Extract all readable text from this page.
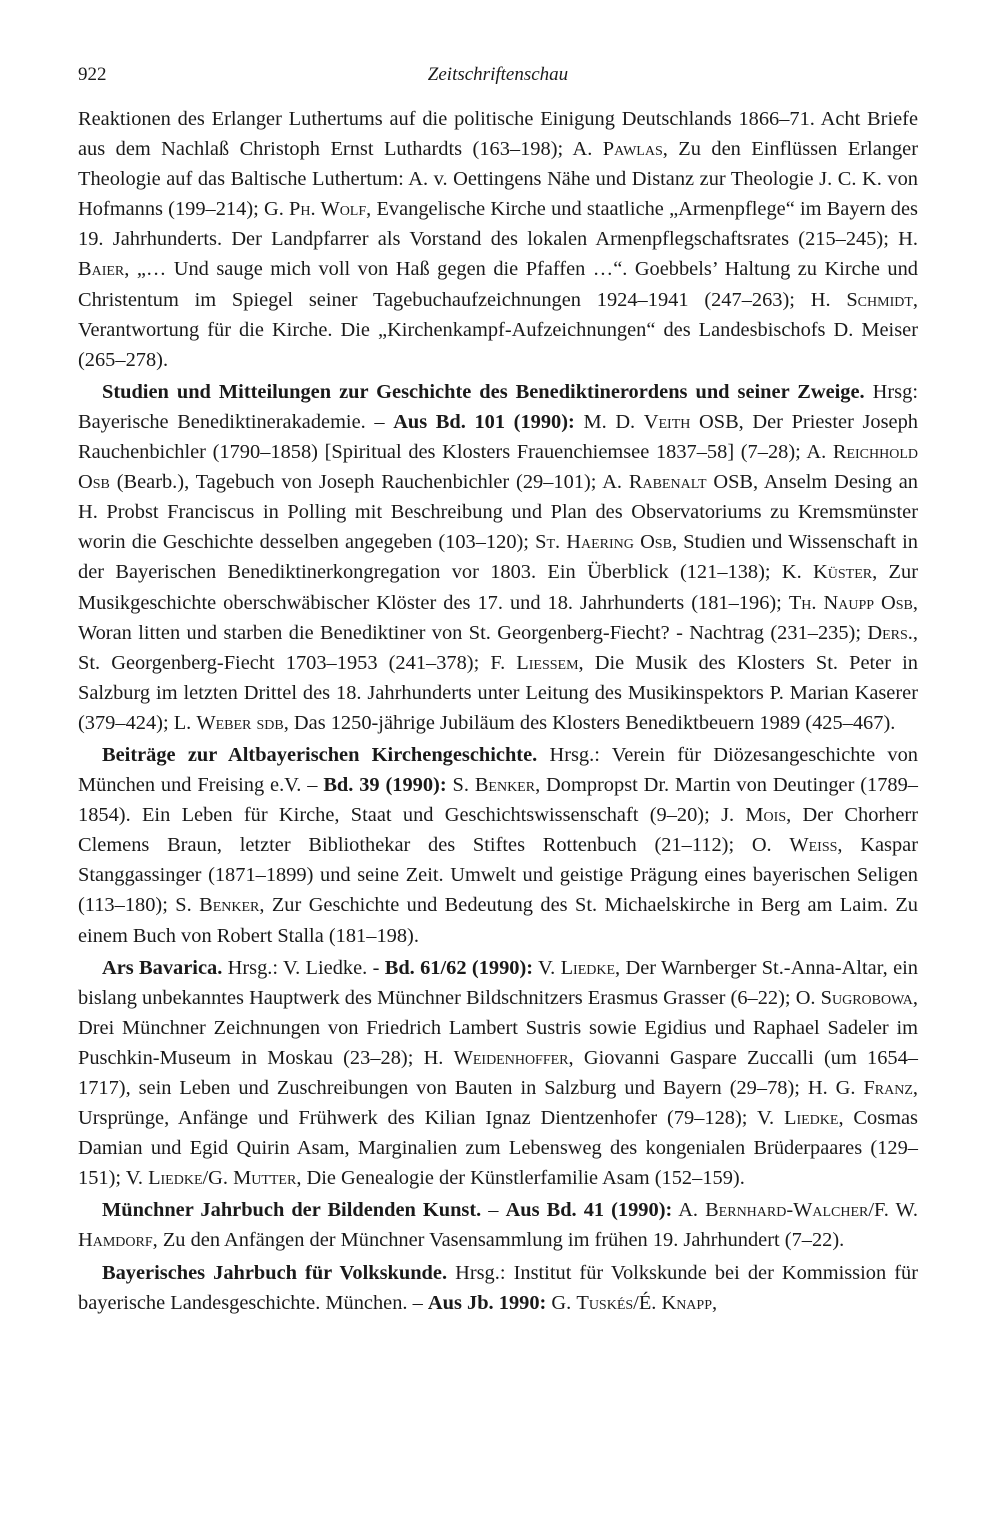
922	Zeitschriftenschau

Reaktionen des Erlanger Luthertums auf die politische Einigung Deutschlands 1866–71. Acht Briefe aus dem Nachlaß Christoph Ernst Luthardts (163–198); A. Pawlas, Zu den Einflüssen Erlanger Theologie auf das Baltische Luthertum: A. v. Oettingens Nähe und Distanz zur Theologie J. C. K. von Hofmanns (199–214); G. Ph. Wolf, Evangelische Kirche und staatliche „Armenpflege“ im Bayern des 19. Jahrhunderts. Der Landpfarrer als Vorstand des lokalen Armenpflegschaftsrates (215–245); H. Baier, „… Und sauge mich voll von Haß gegen die Pfaffen …“. Goebbels’ Haltung zu Kirche und Christentum im Spiegel seiner Tagebuchaufzeichnungen 1924–1941 (247–263); H. Schmidt, Verantwortung für die Kirche. Die „Kirchenkampf-Aufzeichnungen“ des Landesbischofs D. Meiser (265–278).

Studien und Mitteilungen zur Geschichte des Benediktinerordens und seiner Zweige. Hrsg: Bayerische Benediktinerakademie. – Aus Bd. 101 (1990): M. D. Veith OSB, Der Priester Joseph Rauchenbichler (1790–1858) [Spiritual des Klosters Frauenchiemsee 1837–58] (7–28); A. Reichhold Osb (Bearb.), Tagebuch von Joseph Rauchenbichler (29–101); A. Rabenalt OSB, Anselm Desing an H. Probst Franciscus in Polling mit Beschreibung und Plan des Observatoriums zu Kremsmünster worin die Geschichte desselben angegeben (103–120); St. Haering Osb, Studien und Wissenschaft in der Bayerischen Benediktinerkongregation vor 1803. Ein Überblick (121–138); K. Küster, Zur Musikgeschichte oberschwäbischer Klöster des 17. und 18. Jahrhunderts (181–196); Th. Naupp Osb, Woran litten und starben die Benediktiner von St. Georgenberg-Fiecht? - Nachtrag (231–235); Ders., St. Georgenberg-Fiecht 1703–1953 (241–378); F. Liessem, Die Musik des Klosters St. Peter in Salzburg im letzten Drittel des 18. Jahrhunderts unter Leitung des Musikinspektors P. Marian Kaserer (379–424); L. Weber sdb, Das 1250-jährige Jubiläum des Klosters Benediktbeuern 1989 (425–467).

Beiträge zur Altbayerischen Kirchengeschichte. Hrsg.: Verein für Diözesangeschichte von München und Freising e.V. – Bd. 39 (1990): S. Benker, Dompropst Dr. Martin von Deutinger (1789–1854). Ein Leben für Kirche, Staat und Geschichtswissenschaft (9–20); J. Mois, Der Chorherr Clemens Braun, letzter Bibliothekar des Stiftes Rottenbuch (21–112); O. Weiss, Kaspar Stanggassinger (1871–1899) und seine Zeit. Umwelt und geistige Prägung eines bayerischen Seligen (113–180); S. Benker, Zur Geschichte und Bedeutung des St. Michaelskirche in Berg am Laim. Zu einem Buch von Robert Stalla (181–198).

Ars Bavarica. Hrsg.: V. Liedke. - Bd. 61/62 (1990): V. Liedke, Der Warnberger St.-Anna-Altar, ein bislang unbekanntes Hauptwerk des Münchner Bildschnitzers Erasmus Grasser (6–22); O. Sugrobowa, Drei Münchner Zeichnungen von Friedrich Lambert Sustris sowie Egidius und Raphael Sadeler im Puschkin-Museum in Moskau (23–28); H. Weidenhoffer, Giovanni Gaspare Zuccalli (um 1654–1717), sein Leben und Zuschreibungen von Bauten in Salzburg und Bayern (29–78); H. G. Franz, Ursprünge, Anfänge und Frühwerk des Kilian Ignaz Dientzenhofer (79–128); V. Liedke, Cosmas Damian und Egid Quirin Asam, Marginalien zum Lebensweg des kongenialen Brüderpaares (129–151); V. Liedke/G. Mutter, Die Genealogie der Künstlerfamilie Asam (152–159).

Münchner Jahrbuch der Bildenden Kunst. – Aus Bd. 41 (1990): A. Bernhard-Walcher/F. W. Hamdorf, Zu den Anfängen der Münchner Vasensammlung im frühen 19. Jahrhundert (7–22).

Bayerisches Jahrbuch für Volkskunde. Hrsg.: Institut für Volkskunde bei der Kommission für bayerische Landesgeschichte. München. – Aus Jb. 1990: G. Tuskés/É. Knapp,
